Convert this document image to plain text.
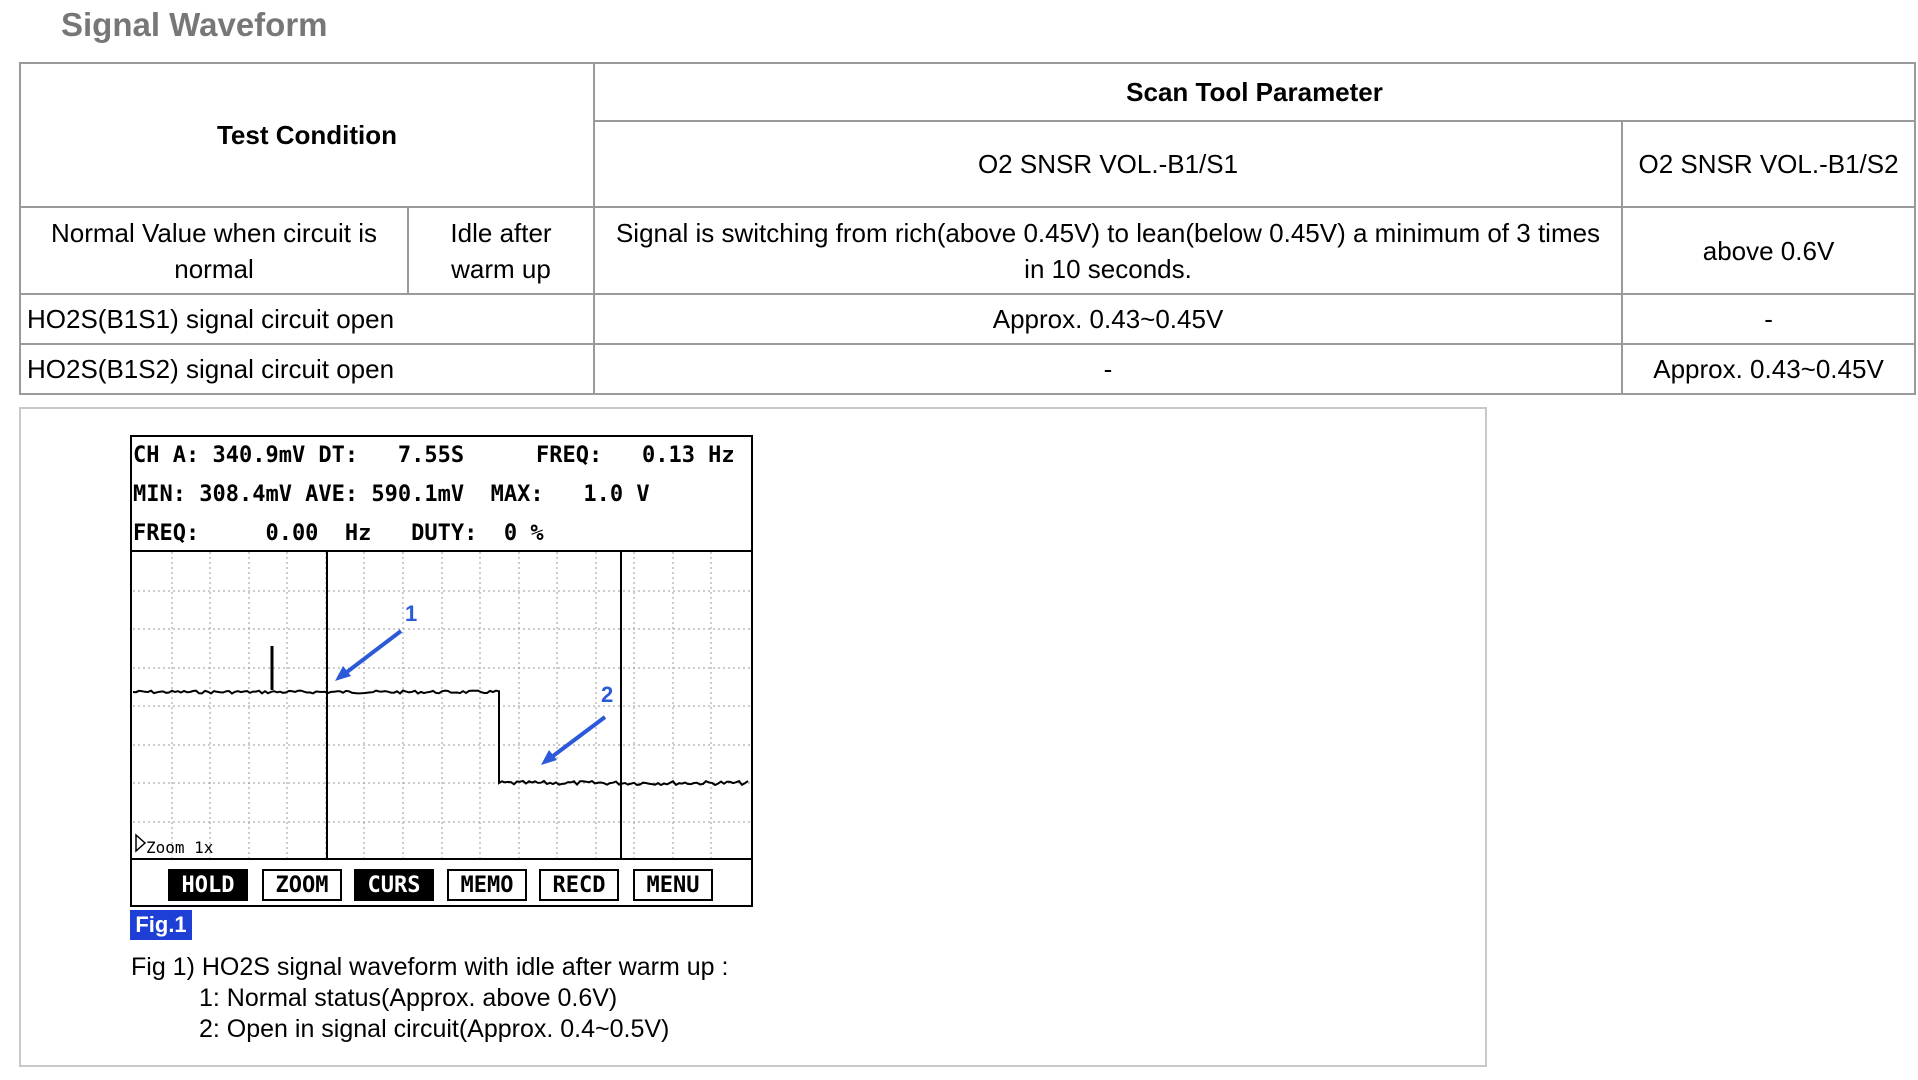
Signal Waveform
Test Condition		Scan Tool Parameter	
		O2 SNSR VOL.-B1/S1	O2 SNSR VOL.-B1/S2
Normal Value when circuit is normal	Idle after warm up	Signal is switching from rich(above 0.45V) to lean(below 0.45V) a minimum of 3 times in 10 seconds.	above 0.6V
HO2S(B1S1) signal circuit open		Approx. 0.43~0.45V	-
HO2S(B1S2) signal circuit open		-	Approx. 0.43~0.45V
CH A: 340.9mV DT:   7.55S	FREQ:   0.13 Hz
MIN: 308.4mV AVE: 590.1mV  MAX:   1.0 V
FREQ:     0.00  Hz   DUTY:  0 %
1
2
Zoom 1x
HOLD	ZOOM	CURS	MEMO	RECD	MENU
Fig.1
Fig 1) HO2S signal waveform with idle after warm up :
1: Normal status(Approx. above 0.6V)
2: Open in signal circuit(Approx. 0.4~0.5V)
